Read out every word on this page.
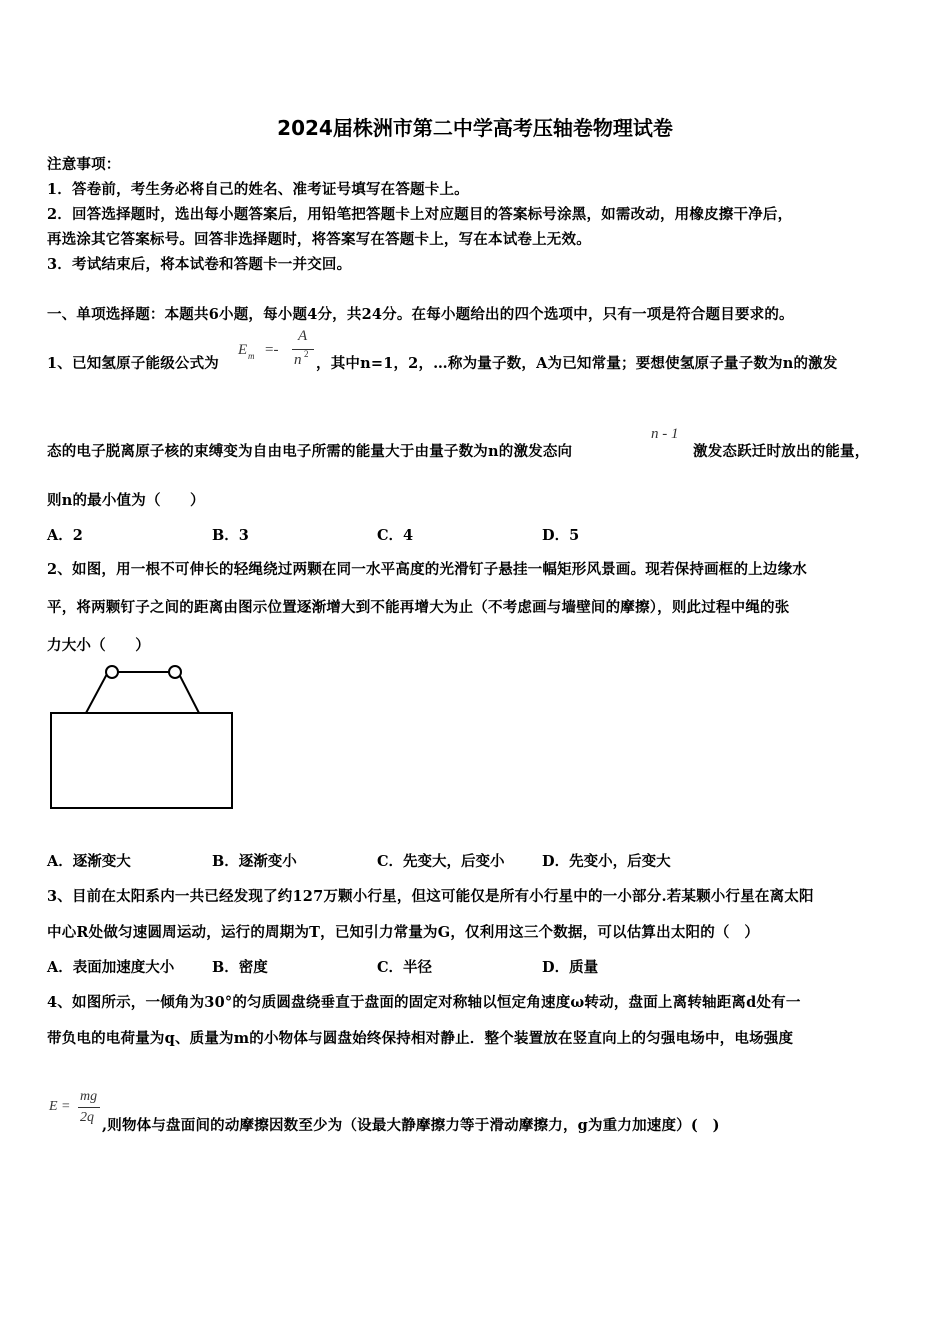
2024届株洲市第二中学高考压轴卷物理试卷
注意事项：
1．答卷前，考生务必将自己的姓名、准考证号填写在答题卡上。
2．回答选择题时，选出每小题答案后，用铅笔把答题卡上对应题目的答案标号涂黑，如需改动，用橡皮擦干净后，
再选涂其它答案标号。回答非选择题时，将答案写在答题卡上，写在本试卷上无效。
3．考试结束后，将本试卷和答题卡一并交回。
一、单项选择题：本题共6小题，每小题4分，共24分。在每小题给出的四个选项中，只有一项是符合题目要求的。
1、已知氢原子能级公式为
E m =-
A
n 2
，其中n=1，2，…称为量子数，A为已知常量；要想使氢原子量子数为n的激发
态的电子脱离原子核的束缚变为自由电子所需的能量大于由量子数为n的激发态向
n - 1
激发态跃迁时放出的能量，
则n的最小值为（　　）
A．2	B．3	C．4	D．5
2、如图，用一根不可伸长的轻绳绕过两颗在同一水平高度的光滑钉子悬挂一幅矩形风景画。现若保持画框的上边缘水
平，将两颗钉子之间的距离由图示位置逐渐增大到不能再增大为止（不考虑画与墙壁间的摩擦），则此过程中绳的张
力大小（　　）
A．逐渐变大	B．逐渐变小	C．先变大，后变小	D．先变小，后变大
3、目前在太阳系内一共已经发现了约127万颗小行星，但这可能仅是所有小行星中的一小部分.若某颗小行星在离太阳
中心R处做匀速圆周运动，运行的周期为T，已知引力常量为G，仅利用这三个数据，可以估算出太阳的（　）
A．表面加速度大小	B．密度	C．半径	D．质量
4、如图所示，一倾角为30°的匀质圆盘绕垂直于盘面的固定对称轴以恒定角速度ω转动，盘面上离转轴距离d处有一
带负电的电荷量为q、质量为m的小物体与圆盘始终保持相对静止．整个装置放在竖直向上的匀强电场中，电场强度
E =
mg
2q ,则物体与盘面间的动摩擦因数至少为（设最大静摩擦力等于滑动摩擦力，g为重力加速度）(　)
